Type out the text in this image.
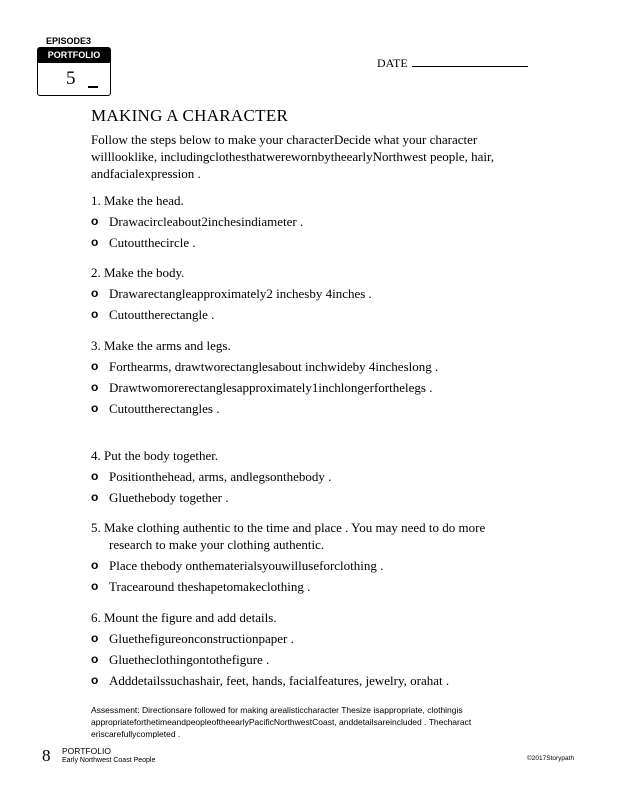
EPISODE3
PORTFOLIO
5
DATE
MAKING A CHARACTER
Follow the steps below to make your characterDecide what your character willlooklike, includingclothesthatwerewornbytheearlyNorthwest people, hair, andfacialexpression .

1. Make the head.

o Drawacircleabout2inchesindiameter .
o Cutoutthecircle .

2. Make the body.

o Drawarectangleapproximately2 inchesby 4inches .
o Cutouttherectangle .

3. Make the arms and legs.

o Forthearms, drawtworectanglesabout inchwideby 4incheslong .
o Drawtwomorerectanglesapproximately1inchlongerforthelegs .
o Cutouttherectangles .

4. Put the body together.

o Positionthehead, arms, andlegsonthebody .
o Gluethebody together .

5. Make clothing authentic to the time and place . You may need to do more research to make your clothing authentic.

o Place thebody onthematerialsyouwilluseforclothing .
o Tracearound theshapetomakeclothing .

6. Mount the figure and add details.

o Gluethefigureonconstructionpaper .
o Gluetheclothingontothefigure .
o Adddetailssuchashair, feet, hands, facialfeatures, jewelry, orahat .
Assessment: Directionsare followed for making arealisticcharacter Thesize isappropriate, clothingis appropriateforthetimeandpeopleoftheearlyPacificNorthwestCoast, anddetailsareincluded . Thecharact eriscarefullycompleted .
8 PORTFOLIO
Early Northwest Coast People	©2017Storypath
